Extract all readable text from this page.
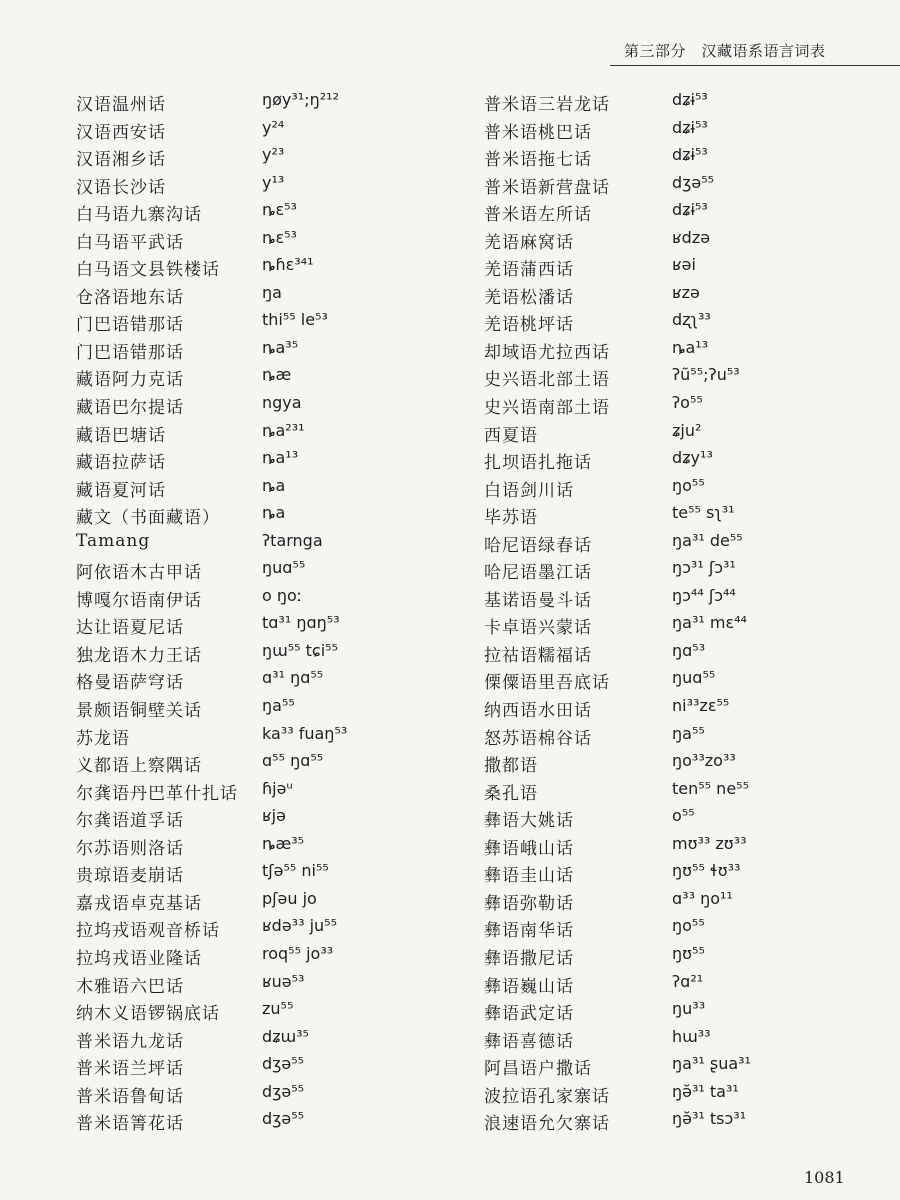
第三部分　汉藏语系语言词表
汉语温州话	ŋøy³¹;ŋ²¹²
汉语西安话	y²⁴
汉语湘乡话	y²³
汉语长沙话	y¹³
白马语九寨沟话	ȵɛ⁵³
白马语平武话	ȵɛ⁵³
白马语文县铁楼话	ȵɦɛ³⁴¹
仓洛语地东话	ŋa
门巴语错那话	thi⁵⁵ le⁵³
门巴语错那话	ȵa³⁵
藏语阿力克话	ȵæ
藏语巴尔提话	ngya
藏语巴塘话	ȵa²³¹
藏语拉萨话	ȵa¹³
藏语夏河话	ȵa
藏文（书面藏语）	ȵa
Tamang	ʔtarnga
阿依语木古甲话	ŋuɑ⁵⁵
博嘎尔语南伊话	o ŋoː
达让语夏尼话	tɑ³¹ ŋɑŋ⁵³
独龙语木力王话	ŋɯ⁵⁵ tɕi⁵⁵
格曼语萨穹话	ɑ³¹ ŋɑ⁵⁵
景颇语铜壁关话	ŋa⁵⁵
苏龙语	ka³³ fuaŋ⁵³
义都语上察隅话	ɑ⁵⁵ ŋɑ⁵⁵
尔龚语丹巴革什扎话 ɦjəᵘ
尔龚语道孚话	ʁjə
尔苏语则洛话	ȵæ³⁵
贵琼语麦崩话	tʃə⁵⁵ ni⁵⁵
嘉戎语卓克基话	pʃəu jo
拉坞戎语观音桥话	ʁdə³³ ju⁵⁵
拉坞戎语业隆话	roq⁵⁵ jo³³
木雅语六巴话	ʁuə⁵³
纳木义语锣锅底话	zu⁵⁵
普米语九龙话	dʑɯ³⁵
普米语兰坪话	dʒə⁵⁵
普米语鲁甸话	dʒə⁵⁵
普米语箐花话	dʒə⁵⁵
普米语三岩龙话	dʑɨ⁵³
普米语桃巴话	dʑɨ⁵³
普米语拖七话	dʑɨ⁵³
普米语新营盘话	dʒə⁵⁵
普米语左所话	dʑɨ⁵³
羌语麻窝话	ʁdzə
羌语蒲西话	ʁəi
羌语松潘话	ʁzə
羌语桃坪话	dʐʅ³³
却域语尤拉西话	ȵa¹³
史兴语北部土语	ʔũ⁵⁵;ʔu⁵³
史兴语南部土语	ʔo⁵⁵
西夏语	ʑju²
扎坝语扎拖话	dʑy¹³
白语剑川话	ŋo⁵⁵
毕苏语	te⁵⁵ sʅ³¹
哈尼语绿春话	ŋa³¹ de⁵⁵
哈尼语墨江话	ŋɔ³¹ ʃɔ³¹
基诺语曼斗话	ŋɔ⁴⁴ ʃɔ⁴⁴
卡卓语兴蒙话	ŋa³¹ mɛ⁴⁴
拉祜语糯福话	ŋɑ⁵³
傈僳语里吾底话	ŋuɑ⁵⁵
纳西语水田话	ni³³zɛ⁵⁵
怒苏语棉谷话	ŋa⁵⁵
撒都语	ŋo³³zo³³
桑孔语	ten⁵⁵ ne⁵⁵
彝语大姚话	o⁵⁵
彝语峨山话	mʊ³³ zʊ³³
彝语圭山话	ŋʊ⁵⁵ ɬʊ³³
彝语弥勒话	ɑ³³ ŋo¹¹
彝语南华话	ŋo⁵⁵
彝语撒尼话	ŋʊ⁵⁵
彝语巍山话	ʔɑ²¹
彝语武定话	ŋu³³
彝语喜德话	hɯ³³
阿昌语户撒话	ŋa³¹ ʂua³¹
波拉语孔家寨话	ŋə̆³¹ ta³¹
浪速语允欠寨话	ŋə̆³¹ tsɔ³¹
1081
